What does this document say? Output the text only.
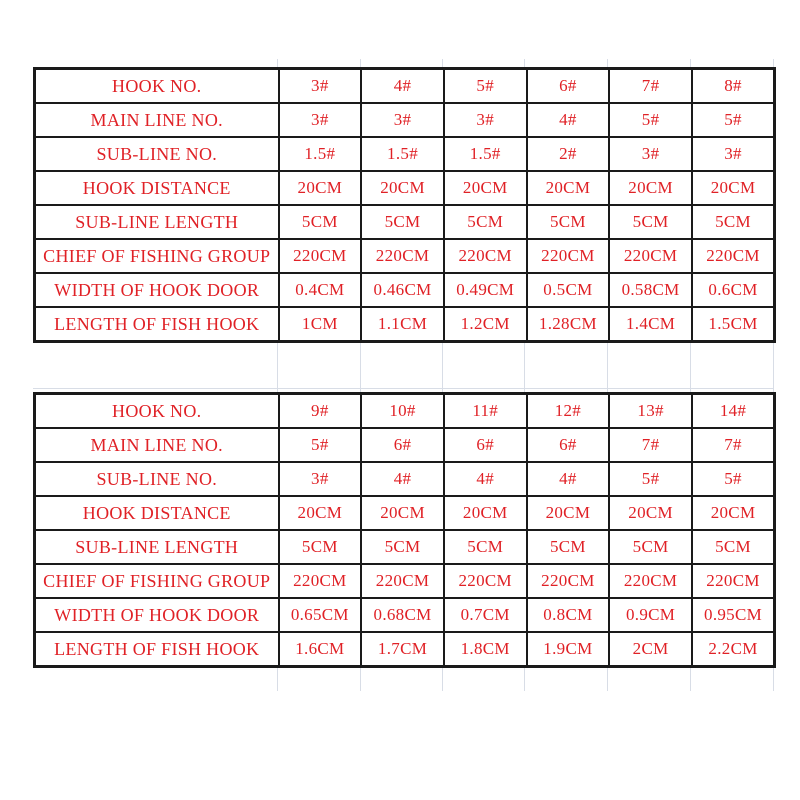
HOOK NO.	3#	4#	5#	6#	7#	8#
MAIN LINE NO.	3#	3#	3#	4#	5#	5#
SUB-LINE NO.	1.5#	1.5#	1.5#	2#	3#	3#
HOOK DISTANCE	20CM	20CM	20CM	20CM	20CM	20CM
SUB-LINE LENGTH	5CM	5CM	5CM	5CM	5CM	5CM
CHIEF OF FISHING GROUP	220CM	220CM	220CM	220CM	220CM	220CM
WIDTH OF HOOK DOOR	0.4CM	0.46CM	0.49CM	0.5CM	0.58CM	0.6CM
LENGTH OF FISH HOOK	1CM	1.1CM	1.2CM	1.28CM	1.4CM	1.5CM
HOOK NO.	9#	10#	11#	12#	13#	14#
MAIN LINE NO.	5#	6#	6#	6#	7#	7#
SUB-LINE NO.	3#	4#	4#	4#	5#	5#
HOOK DISTANCE	20CM	20CM	20CM	20CM	20CM	20CM
SUB-LINE LENGTH	5CM	5CM	5CM	5CM	5CM	5CM
CHIEF OF FISHING GROUP	220CM	220CM	220CM	220CM	220CM	220CM
WIDTH OF HOOK DOOR	0.65CM	0.68CM	0.7CM	0.8CM	0.9CM	0.95CM
LENGTH OF FISH HOOK	1.6CM	1.7CM	1.8CM	1.9CM	2CM	2.2CM
